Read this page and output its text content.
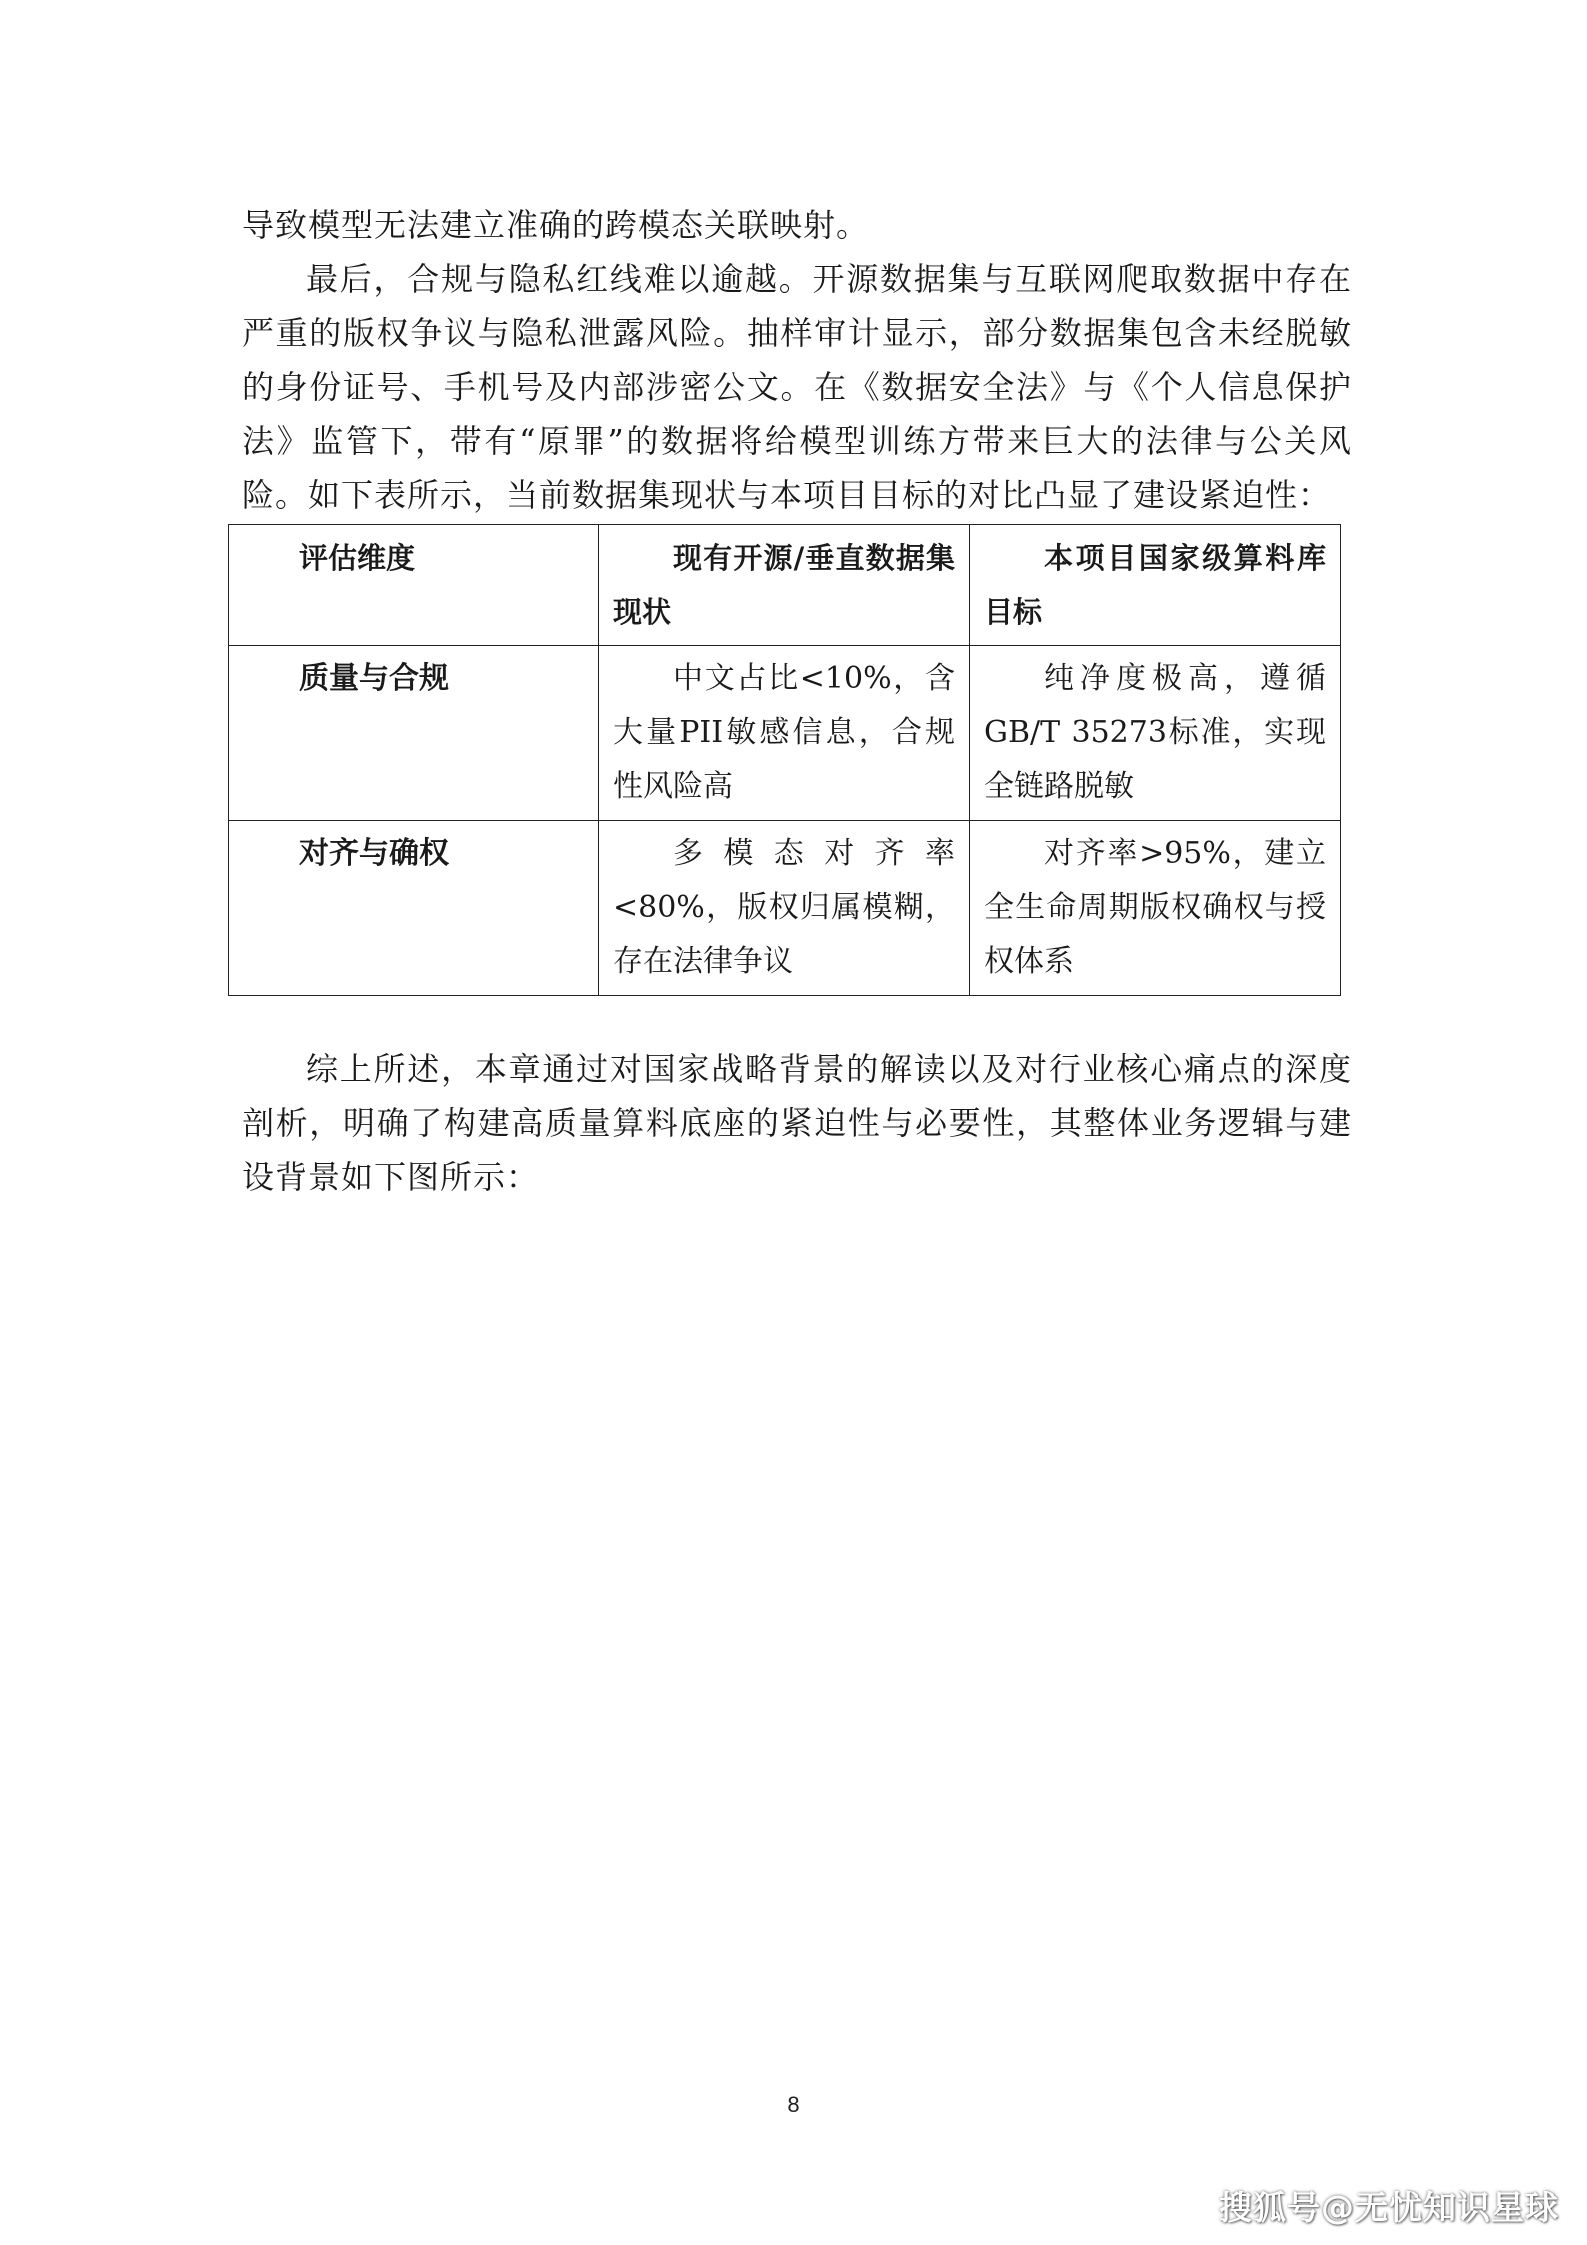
导致模型无法建立准确的跨模态关联映射。

最后，合规与隐私红线难以逾越。开源数据集与互联网爬取数据中存在严重的版权争议与隐私泄露风险。抽样审计显示，部分数据集包含未经脱敏的身份证号、手机号及内部涉密公文。在《数据安全法》与《个人信息保护法》监管下，带有“原罪”的数据将给模型训练方带来巨大的法律与公关风险。如下表所示，当前数据集现状与本项目目标的对比凸显了建设紧迫性：

评估维度	现有开源/垂直数据集现状	本项目国家级算料库目标
质量与合规	中文占比<10%，含大量PII敏感信息，合规性风险高	纯净度极高，遵循GB/T 35273标准，实现全链路脱敏
对齐与确权	多模态对齐率<80%，版权归属模糊，存在法律争议	对齐率>95%，建立全生命周期版权确权与授权体系

综上所述，本章通过对国家战略背景的解读以及对行业核心痛点的深度剖析，明确了构建高质量算料底座的紧迫性与必要性，其整体业务逻辑与建设背景如下图所示：

8
搜狐号@无忧知识星球
